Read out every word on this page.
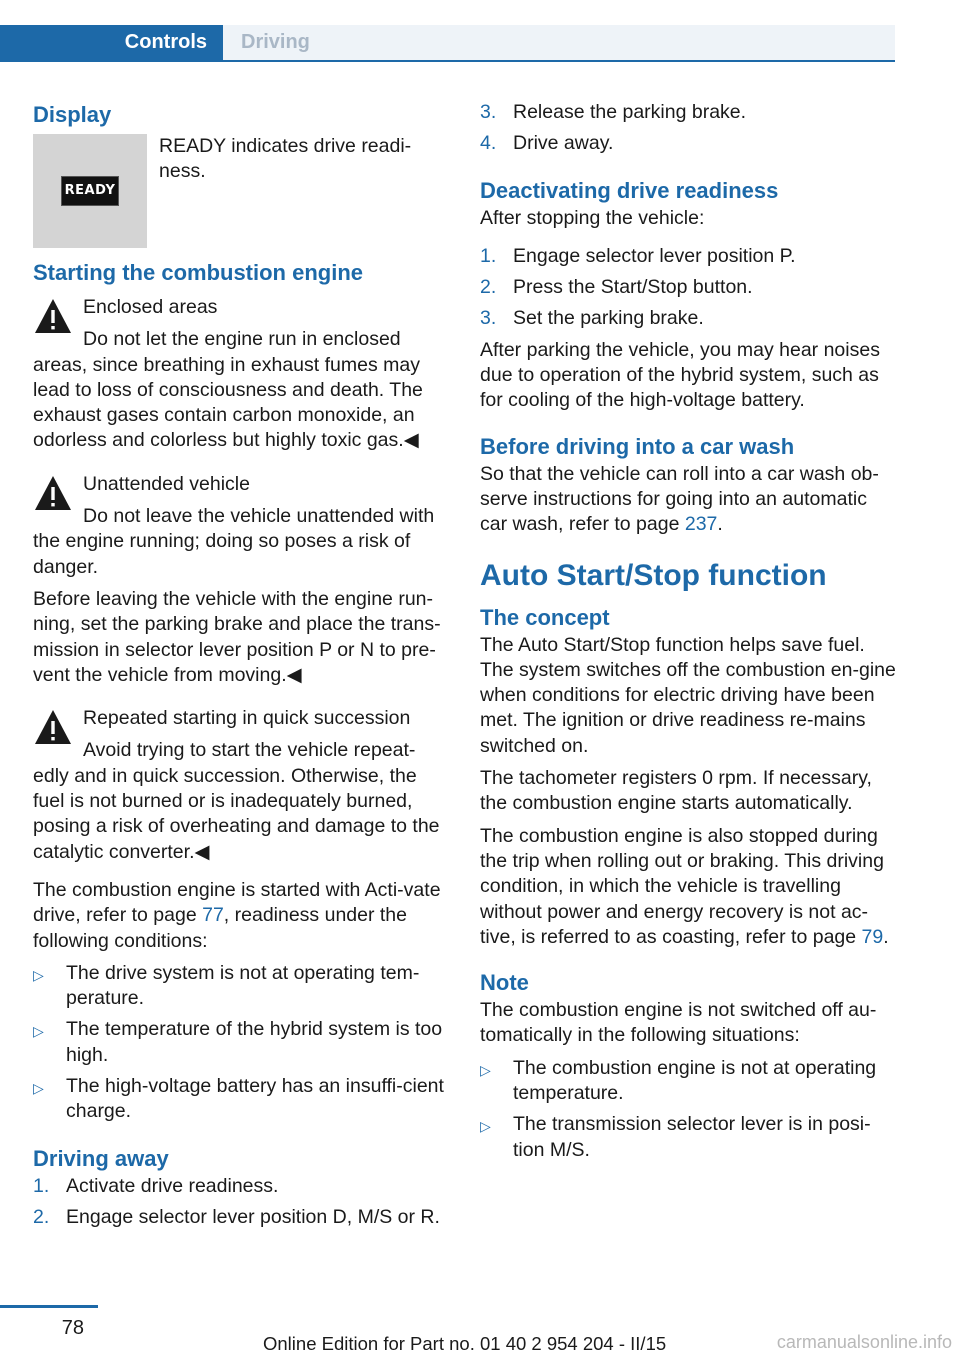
Controls	Driving
Display
READY

READY indicates drive readi‐ness.

Starting the combustion engine

Enclosed areas

Do not let the engine run in enclosed

areas, since breathing in exhaust fumes may lead to loss of consciousness and death. The exhaust gases contain carbon monoxide, an odorless and colorless but highly toxic gas.◀

Unattended vehicle

Do not leave the vehicle unattended with

the engine running; doing so poses a risk of danger.

Before leaving the vehicle with the engine run‐ning, set the parking brake and place the trans‐mission in selector lever position P or N to pre‐vent the vehicle from moving.◀

Repeated starting in quick succession

Avoid trying to start the vehicle repeat‐

edly and in quick succession. Otherwise, the fuel is not burned or is inadequately burned, posing a risk of overheating and damage to the catalytic converter.◀

The combustion engine is started with Acti‐vate drive, refer to page 77, readiness under the following conditions:

▷ The drive system is not at operating tem‐perature.
▷ The temperature of the hybrid system is too high.
▷ The high-voltage battery has an insuffi‐cient charge.
Driving away
1. Activate drive readiness.
2. Engage selector lever position D, M/S or R.
3. Release the parking brake.
4. Drive away.
Deactivating drive readiness

After stopping the vehicle:

1. Engage selector lever position P.
2. Press the Start/Stop button.
3. Set the parking brake.

After parking the vehicle, you may hear noises due to operation of the hybrid system, such as for cooling of the high-voltage battery.

Before driving into a car wash

So that the vehicle can roll into a car wash ob‐serve instructions for going into an automatic car wash, refer to page 237.

Auto Start/Stop function
The concept

The Auto Start/Stop function helps save fuel. The system switches off the combustion en‐gine when conditions for electric driving have been met. The ignition or drive readiness re‐mains switched on.

The tachometer registers 0 rpm. If necessary, the combustion engine starts automatically.

The combustion engine is also stopped during the trip when rolling out or braking. This driving condition, in which the vehicle is travelling without power and energy recovery is not ac‐tive, is referred to as coasting, refer to page 79.

Note

The combustion engine is not switched off au‐tomatically in the following situations:

▷ The combustion engine is not at operating temperature.
▷ The transmission selector lever is in posi‐tion M/S.
78
Online Edition for Part no. 01 40 2 954 204 - II/15	carmanualsonline.info
